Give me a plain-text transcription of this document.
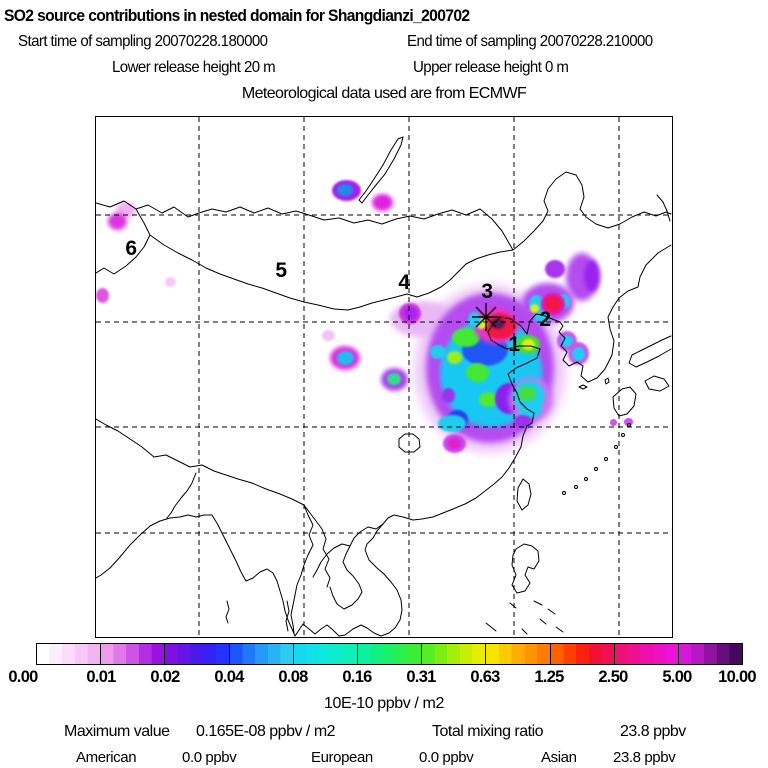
SO2 source contributions in nested domain for Shangdianzi_200702
Start time of sampling 20070228.180000	End time of sampling 20070228.210000
Lower release height 20 m	Upper release height 0 m
Meteorological data used are from ECMWF
1
2
3
4
5
6
0.00	0.01 0.02 0.04 0.08 0.16 0.31 0.63 1.25 2.50 5.00 10.00
10E-10 ppbv / m2
Maximum value 0.165E-08 ppbv / m2	Total mixing ratio	23.8 ppbv
American	0.0 ppbv	European	0.0 ppbv	Asian 23.8 ppbv
